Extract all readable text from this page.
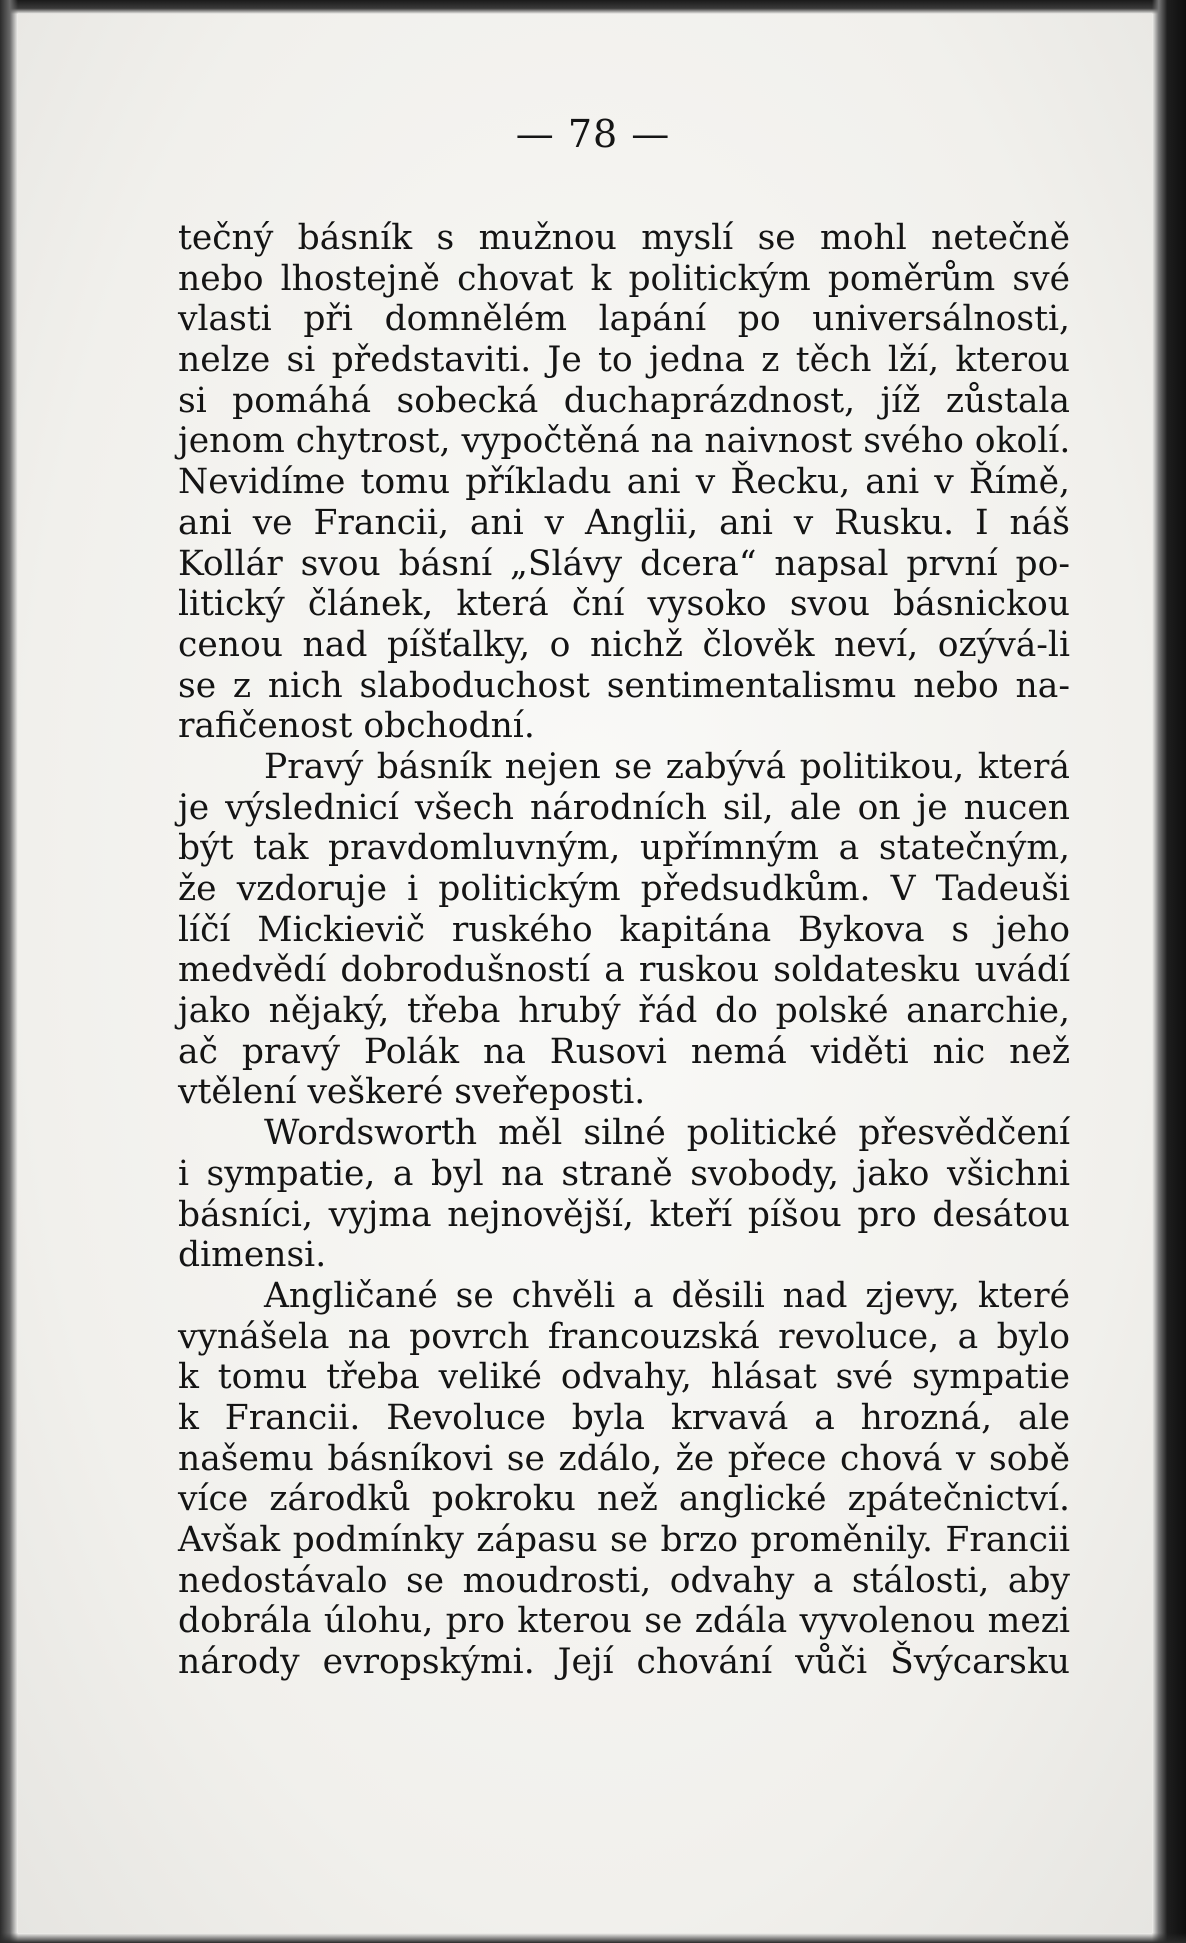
— 78 —
tečný básník s mužnou myslí se mohl netečně
nebo lhostejně chovat k politickým poměrům své
vlasti při domnělém lapání po universálnosti,
nelze si představiti. Je to jedna z těch lží, kterou
si pomáhá sobecká duchaprázdnost, jíž zůstala
jenom chytrost, vypočtěná na naivnost svého okolí.
Nevidíme tomu příkladu ani v Řecku, ani v Římě,
ani ve Francii, ani v Anglii, ani v Rusku. I náš
Kollár svou básní „Slávy dcera“ napsal první po-
litický článek, která ční vysoko svou básnickou
cenou nad píšťalky, o nichž člověk neví, ozývá-li
se z nich slaboduchost sentimentalismu nebo na-
rafičenost obchodní.
Pravý básník nejen se zabývá politikou, která
je výslednicí všech národních sil, ale on je nucen
být tak pravdomluvným, upřímným a statečným,
že vzdoruje i politickým předsudkům. V Tadeuši
líčí Mickievič ruského kapitána Bykova s jeho
medvědí dobrodušností a ruskou soldatesku uvádí
jako nějaký, třeba hrubý řád do polské anarchie,
ač pravý Polák na Rusovi nemá viděti nic než
vtělení veškeré sveřeposti.
Wordsworth měl silné politické přesvědčení
i sympatie, a byl na straně svobody, jako všichni
básníci, vyjma nejnovější, kteří píšou pro desátou
dimensi.
Angličané se chvěli a děsili nad zjevy, které
vynášela na povrch francouzská revoluce, a bylo
k tomu třeba veliké odvahy, hlásat své sympatie
k Francii. Revoluce byla krvavá a hrozná, ale
našemu básníkovi se zdálo, že přece chová v sobě
více zárodků pokroku než anglické zpátečnictví.
Avšak podmínky zápasu se brzo proměnily. Francii
nedostávalo se moudrosti, odvahy a stálosti, aby
dobrála úlohu, pro kterou se zdála vyvolenou mezi
národy evropskými. Její chování vůči Švýcarsku
